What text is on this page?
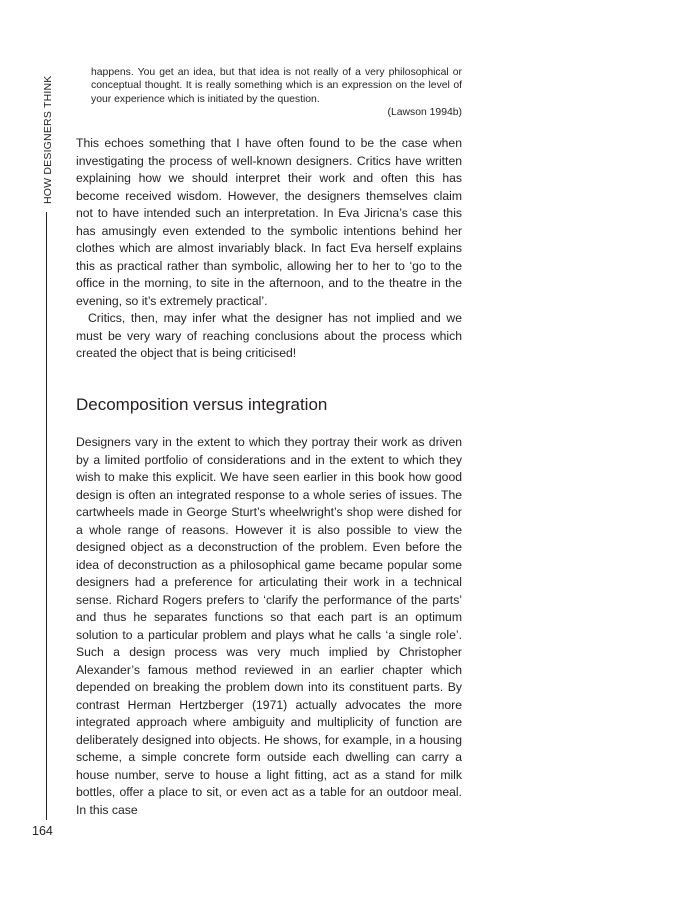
HOW DESIGNERS THINK
164

happens. You get an idea, but that idea is not really of a very philosophical or conceptual thought. It is really something which is an expression on the level of your experience which is initiated by the question.

(Lawson 1994b)

This echoes something that I have often found to be the case when investigating the process of well-known designers. Critics have written explaining how we should interpret their work and often this has become received wisdom. However, the designers themselves claim not to have intended such an interpretation. In Eva Jiricna’s case this has amusingly even extended to the symbolic intentions behind her clothes which are almost invariably black. In fact Eva herself explains this as practical rather than symbolic, allowing her to her to ‘go to the office in the morning, to site in the afternoon, and to the theatre in the evening, so it’s extremely practical’.

Critics, then, may infer what the designer has not implied and we must be very wary of reaching conclusions about the process which created the object that is being criticised!

Decomposition versus integration

Designers vary in the extent to which they portray their work as driven by a limited portfolio of considerations and in the extent to which they wish to make this explicit. We have seen earlier in this book how good design is often an integrated response to a whole series of issues. The cartwheels made in George Sturt’s wheelwright’s shop were dished for a whole range of reasons. However it is also possible to view the designed object as a deconstruction of the problem. Even before the idea of deconstruction as a philosophical game became popular some designers had a preference for articulating their work in a technical sense. Richard Rogers prefers to ‘clarify the performance of the parts’ and thus he separates functions so that each part is an optimum solution to a particular problem and plays what he calls ‘a single role’. Such a design process was very much implied by Christopher Alexander’s famous method reviewed in an earlier chapter which depended on breaking the problem down into its constituent parts. By contrast Herman Hertzberger (1971) actually advocates the more integrated approach where ambiguity and multiplicity of function are deliberately designed into objects. He shows, for example, in a housing scheme, a simple concrete form outside each dwelling can carry a house number, serve to house a light fitting, act as a stand for milk bottles, offer a place to sit, or even act as a table for an outdoor meal. In this case
